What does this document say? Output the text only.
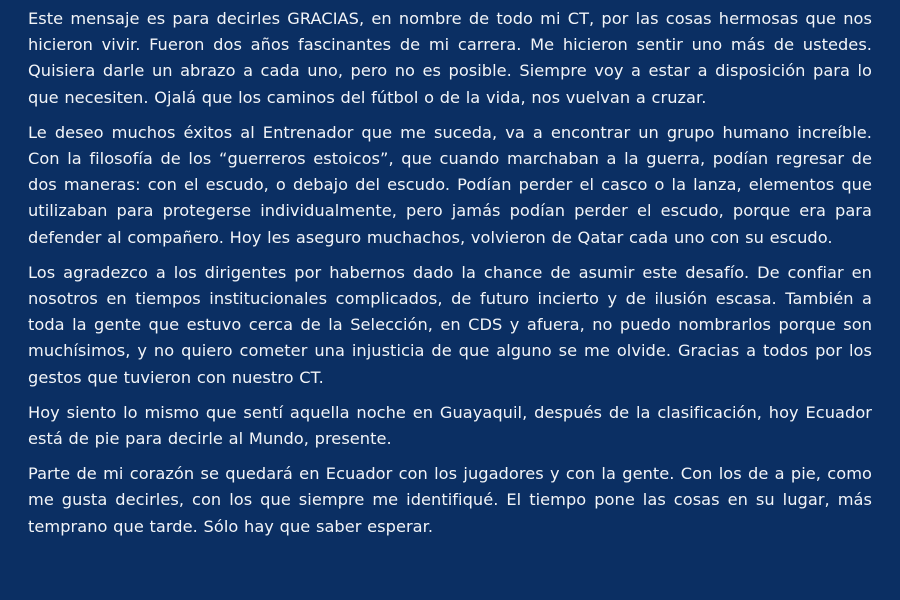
Este mensaje es para decirles GRACIAS, en nombre de todo mi CT, por las cosas hermosas que nos hicieron vivir. Fueron dos años fascinantes de mi carrera. Me hicieron sentir uno más de ustedes. Quisiera darle un abrazo a cada uno, pero no es posible. Siempre voy a estar a disposición para lo que necesiten. Ojalá que los caminos del fútbol o de la vida, nos vuelvan a cruzar.

Le deseo muchos éxitos al Entrenador que me suceda, va a encontrar un grupo humano increíble. Con la filosofía de los “guerreros estoicos”, que cuando marchaban a la guerra, podían regresar de dos maneras: con el escudo, o debajo del escudo. Podían perder el casco o la lanza, elementos que utilizaban para protegerse individualmente, pero jamás podían perder el escudo, porque era para defender al compañero. Hoy les aseguro muchachos, volvieron de Qatar cada uno con su escudo.

Los agradezco a los dirigentes por habernos dado la chance de asumir este desafío. De confiar en nosotros en tiempos institucionales complicados, de futuro incierto y de ilusión escasa. También a toda la gente que estuvo cerca de la Selección, en CDS y afuera, no puedo nombrarlos porque son muchísimos, y no quiero cometer una injusticia de que alguno se me olvide. Gracias a todos por los gestos que tuvieron con nuestro CT.

Hoy siento lo mismo que sentí aquella noche en Guayaquil, después de la clasificación, hoy Ecuador está de pie para decirle al Mundo, presente.

Parte de mi corazón se quedará en Ecuador con los jugadores y con la gente. Con los de a pie, como me gusta decirles, con los que siempre me identifiqué. El tiempo pone las cosas en su lugar, más temprano que tarde. Sólo hay que saber esperar.
